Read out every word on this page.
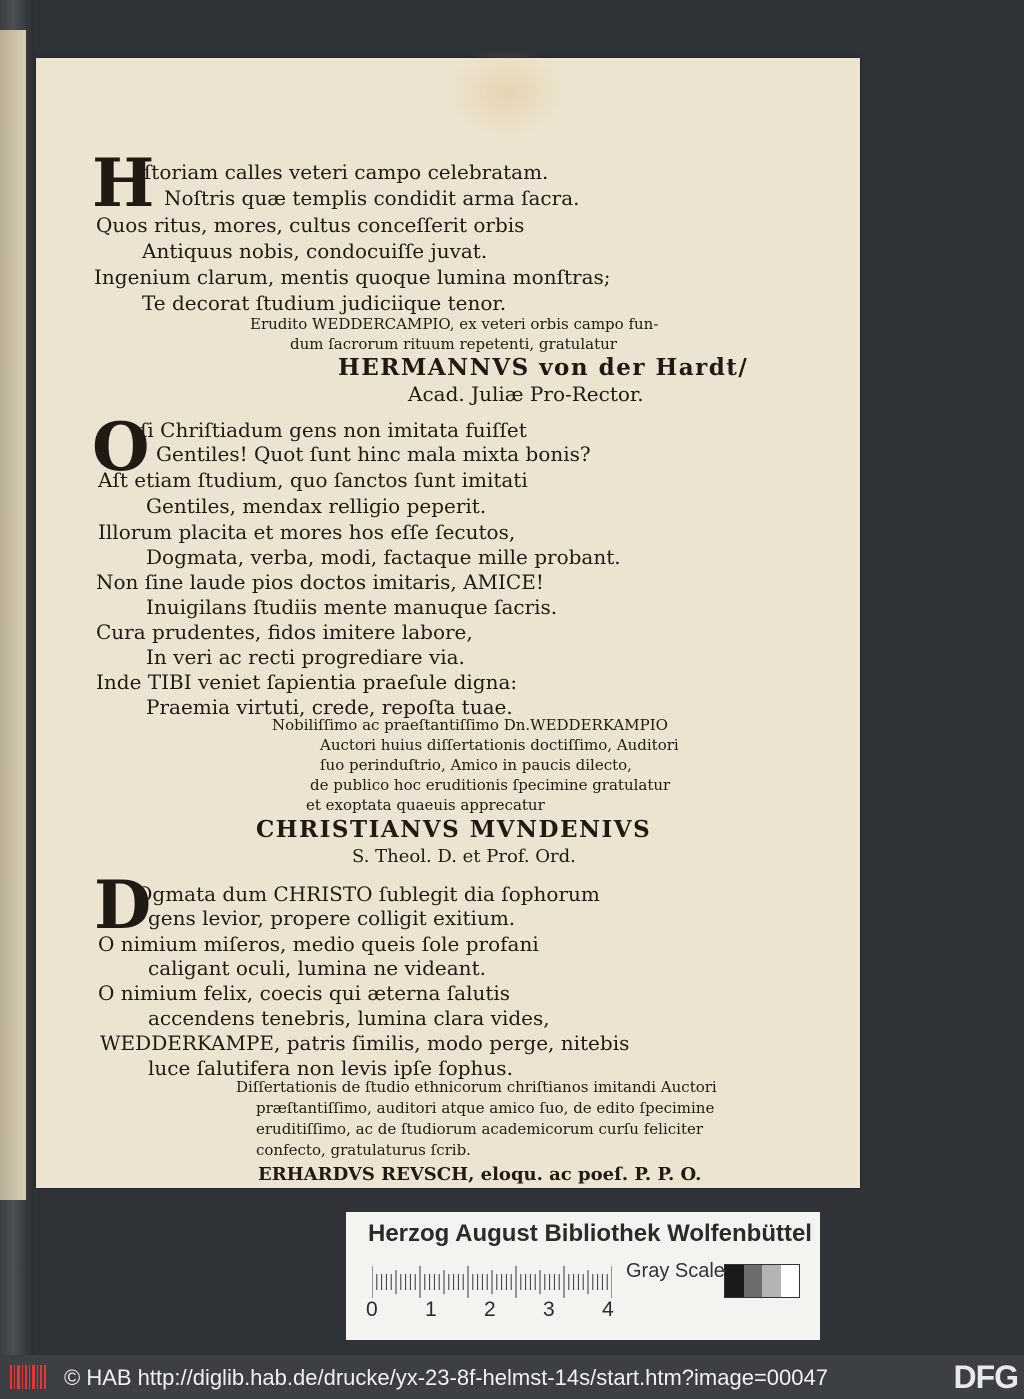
H
Iſtoriam calles veteri campo celebratam.
Noſtris quæ templis condidit arma ſacra.
Quos ritus, mores, cultus conceſſerit orbis
Antiquus nobis, condocuiſſe juvat.
Ingenium clarum, mentis quoque lumina monſtras;
Te decorat ſtudium judiciique tenor.
Erudito WEDDERCAMPIO, ex veteri orbis campo fun-
dum ſacrorum rituum repetenti, gratulatur
HERMANNVS von der Hardt/
Acad. Juliæ Pro-Rector.
O
ſi Chriſtiadum gens non imitata fuiſſet
Gentiles! Quot ſunt hinc mala mixta bonis?
Aſt etiam ſtudium, quo ſanctos ſunt imitati
Gentiles, mendax relligio peperit.
Illorum placita et mores hos eſſe ſecutos,
Dogmata, verba, modi, factaque mille probant.
Non ſine laude pios doctos imitaris, AMICE!
Inuigilans ſtudiis mente manuque ſacris.
Cura prudentes, fidos imitere labore,
In veri ac recti progrediare via.
Inde TIBI veniet ſapientia praeſule digna:
Praemia virtuti, crede, repoſta tuae.
Nobiliſſimo ac praeſtantiſſimo Dn.WEDDERKAMPIO
Auctori huius diſſertationis doctiſſimo, Auditori
ſuo perinduſtrio, Amico in paucis dilecto,
de publico hoc eruditionis ſpecimine gratulatur
et exoptata quaeuis apprecatur
CHRISTIANVS MVNDENIVS
S. Theol. D. et Prof. Ord.
D
Ogmata dum CHRISTO ſublegit dia ſophorum
gens levior, propere colligit exitium.
O nimium miſeros, medio queis ſole profani
caligant oculi, lumina ne videant.
O nimium felix, coecis qui æterna ſalutis
accendens tenebris, lumina clara vides,
WEDDERKAMPE, patris ſimilis, modo perge, nitebis
luce ſalutifera non levis ipſe ſophus.
Diſſertationis de ſtudio ethnicorum chriſtianos imitandi Auctori
præſtantiſſimo, auditori atque amico ſuo, de edito ſpecimine
eruditiſſimo, ac de ſtudiorum academicorum curſu feliciter
confecto, gratulaturus ſcrib.
ERHARDVS REVSCH, eloqu. ac poeſ. P. P. O.
Herzog August Bibliothek Wolfenbüttel
0 1 2 3 4
Gray Scale
© HAB http://diglib.hab.de/drucke/yx-23-8f-helmst-14s/start.htm?image=00047	DFG
